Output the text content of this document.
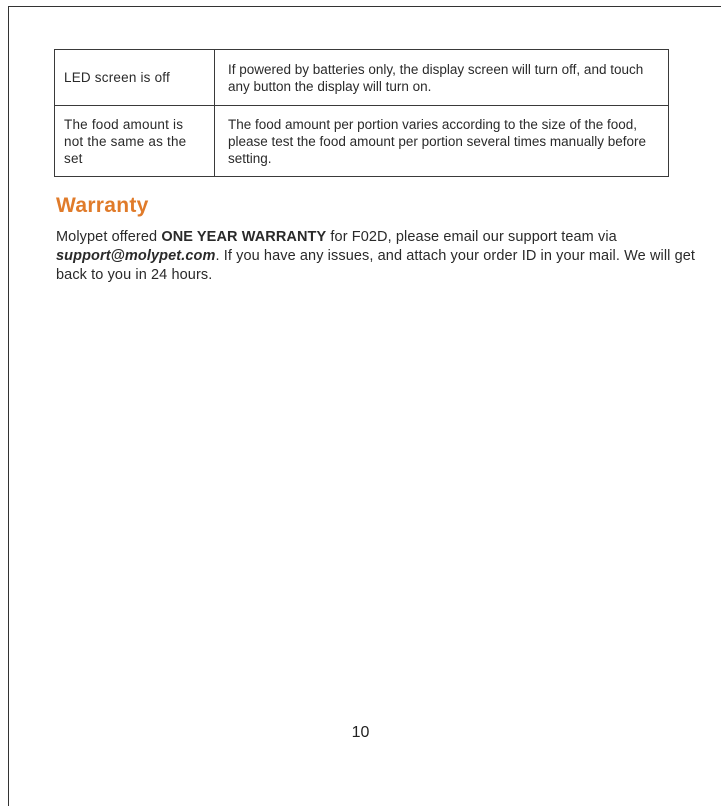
LED screen is off	If powered by batteries only, the display screen will turn off, and touch any button the display will turn on.
The food amount is not the same as the set	The food amount per portion varies according to the size of the food, please test the food amount per portion several times manually before setting.
Warranty

Molypet offered ONE YEAR WARRANTY for F02D, please email our support team via support@molypet.com. If you have any issues, and attach your order ID in your mail. We will get back to you in 24 hours.

10
